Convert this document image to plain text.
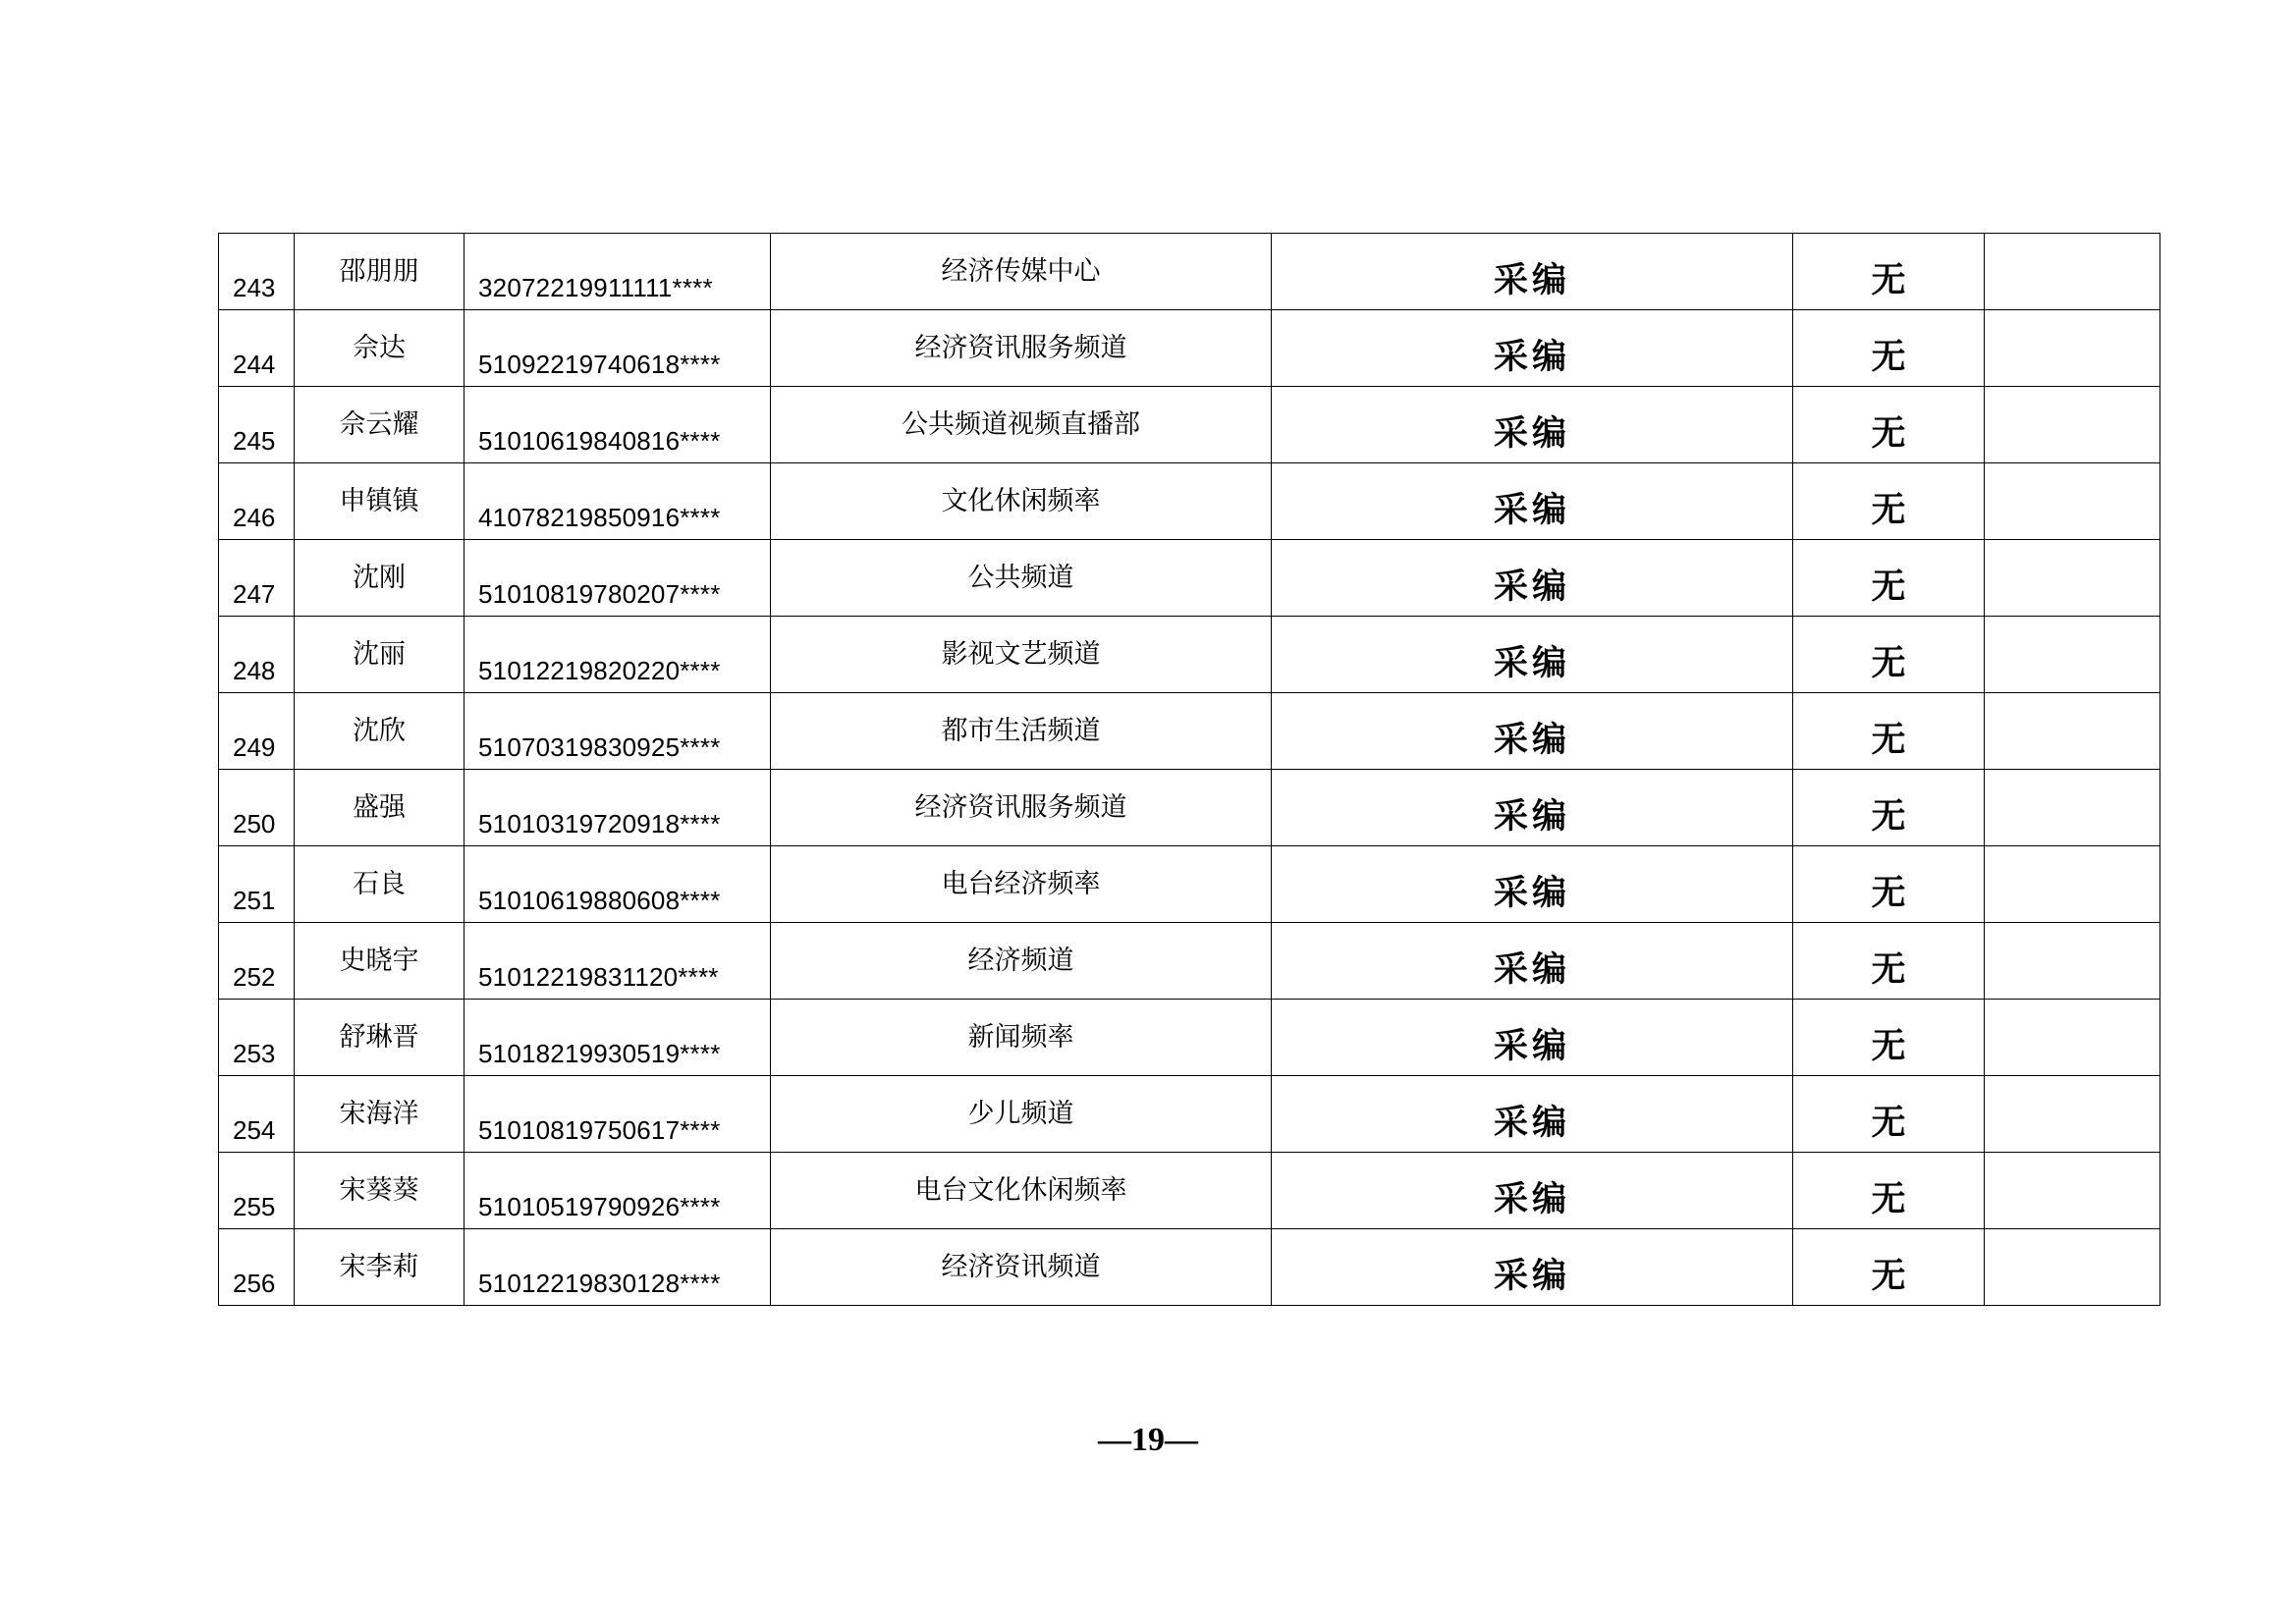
243	邵朋朋	32072219911111****	经济传媒中心	采编	无	

244	佘达	51092219740618****	经济资讯服务频道	采编	无	

245	佘云耀	51010619840816****	公共频道视频直播部	采编	无	

246	申镇镇	41078219850916****	文化休闲频率	采编	无	

247	沈刚	51010819780207****	公共频道	采编	无	

248	沈丽	51012219820220****	影视文艺频道	采编	无	

249	沈欣	51070319830925****	都市生活频道	采编	无	

250	盛强	51010319720918****	经济资讯服务频道	采编	无	

251	石良	51010619880608****	电台经济频率	采编	无	

252	史晓宇	51012219831120****	经济频道	采编	无	

253	舒琳晋	51018219930519****	新闻频率	采编	无	

254	宋海洋	51010819750617****	少儿频道	采编	无	

255	宋葵葵	51010519790926****	电台文化休闲频率	采编	无	

256	宋李莉	51012219830128****	经济资讯频道	采编	无	

—19—
